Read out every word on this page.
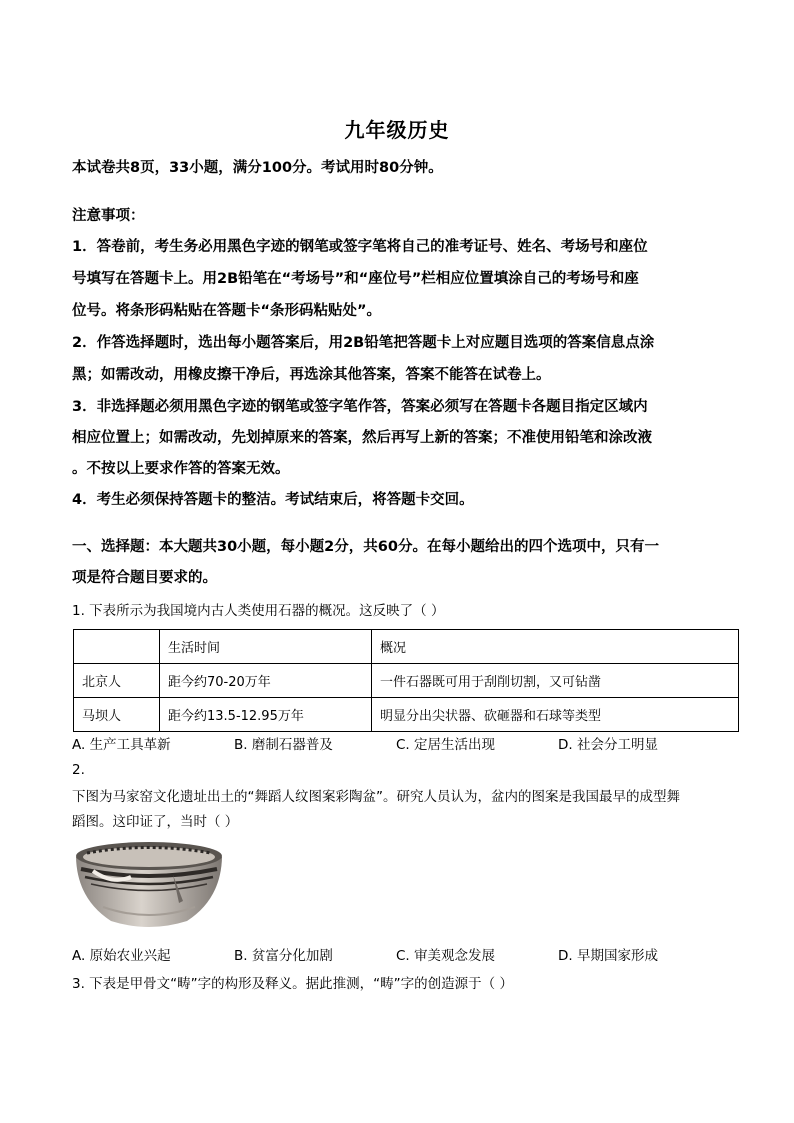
九年级历史
本试卷共8页，33小题，满分100分。考试用时80分钟。
注意事项：
1．答卷前，考生务必用黑色字迹的钢笔或签字笔将自己的准考证号、姓名、考场号和座位
号填写在答题卡上。用2B铅笔在“考场号”和“座位号”栏相应位置填涂自己的考场号和座
位号。将条形码粘贴在答题卡“条形码粘贴处”。
2．作答选择题时，选出每小题答案后，用2B铅笔把答题卡上对应题目选项的答案信息点涂
黑；如需改动，用橡皮擦干净后，再选涂其他答案，答案不能答在试卷上。
3．非选择题必须用黑色字迹的钢笔或签字笔作答，答案必须写在答题卡各题目指定区域内
相应位置上；如需改动，先划掉原来的答案，然后再写上新的答案；不准使用铅笔和涂改液
。不按以上要求作答的答案无效。
4．考生必须保持答题卡的整洁。考试结束后，将答题卡交回。
一、选择题：本大题共30小题，每小题2分，共60分。在每小题给出的四个选项中，只有一
项是符合题目要求的。
1. 下表所示为我国境内古人类使用石器的概况。这反映了（ ）
	生活时间	概况
北京人	距今约70-20万年	一件石器既可用于刮削切割，又可钻凿
马坝人	距今约13.5-12.95万年	明显分出尖状器、砍砸器和石球等类型
A. 生产工具革新	B. 磨制石器普及	C. 定居生活出现	D. 社会分工明显
2.
下图为马家窑文化遗址出土的“舞蹈人纹图案彩陶盆”。研究人员认为，盆内的图案是我国最早的成型舞
蹈图。这印证了，当时（ ）
A. 原始农业兴起	B. 贫富分化加剧	C. 审美观念发展	D. 早期国家形成
3. 下表是甲骨文“畴”字的构形及释义。据此推测，“畴”字的创造源于（ ）
